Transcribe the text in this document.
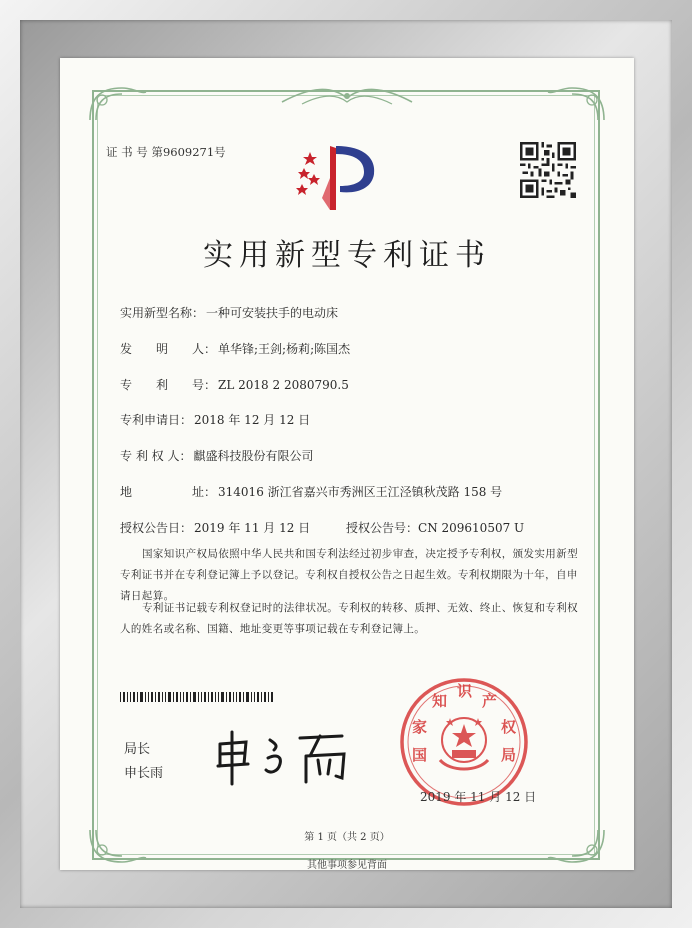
证 书 号 第9609271号
实用新型专利证书
实用新型名称： 一种可安装扶手的电动床
发　　明　　人： 单华锋;王剑;杨莉;陈国杰
专　　利　　号： ZL 2018 2 2080790.5
专利申请日： 2018 年 12 月 12 日
专 利 权 人： 麒盛科技股份有限公司
地　　　　　址： 314016 浙江省嘉兴市秀洲区王江泾镇秋茂路 158 号
授权公告日： 2019 年 11 月 12 日	授权公告号：CN 209610507 U
国家知识产权局依照中华人民共和国专利法经过初步审查，决定授予专利权，颁发实用新型专利证书并在专利登记簿上予以登记。专利权自授权公告之日起生效。专利权期限为十年，自申请日起算。
专利证书记载专利权登记时的法律状况。专利权的转移、质押、无效、终止、恢复和专利权人的姓名或名称、国籍、地址变更等事项记载在专利登记簿上。
局长
申长雨
国
家
知
识
产
权
局
2019 年 11 月 12 日
第 1 页（共 2 页）
其他事项参见背面
